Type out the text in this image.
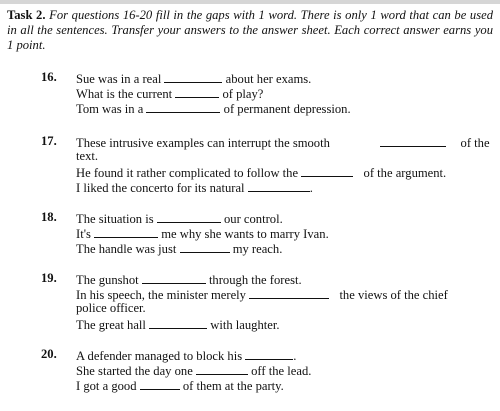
Task 2. For questions 16-20 fill in the gaps with 1 word. There is only 1 word that can be used in all the sentences. Transfer your answers to the answer sheet. Each correct answer earns you 1 point.
16. Sue was in a real	about her exams.
What is the current	of play?
Tom was in a	of permanent depression.
17. These intrusive examples can interrupt the smooth	of the
text.
He found it rather complicated to follow the	of the argument.
I liked the concerto for its natural	.
18. The situation is	our control.
It's	me why she wants to marry Ivan.
The handle was just	my reach.
19. The gunshot	through the forest.
In his speech, the minister merely	the views of the chief
police officer.
The great hall	with laughter.
20. A defender managed to block his	.
She started the day one	off the lead.
I got a good	of them at the party.
